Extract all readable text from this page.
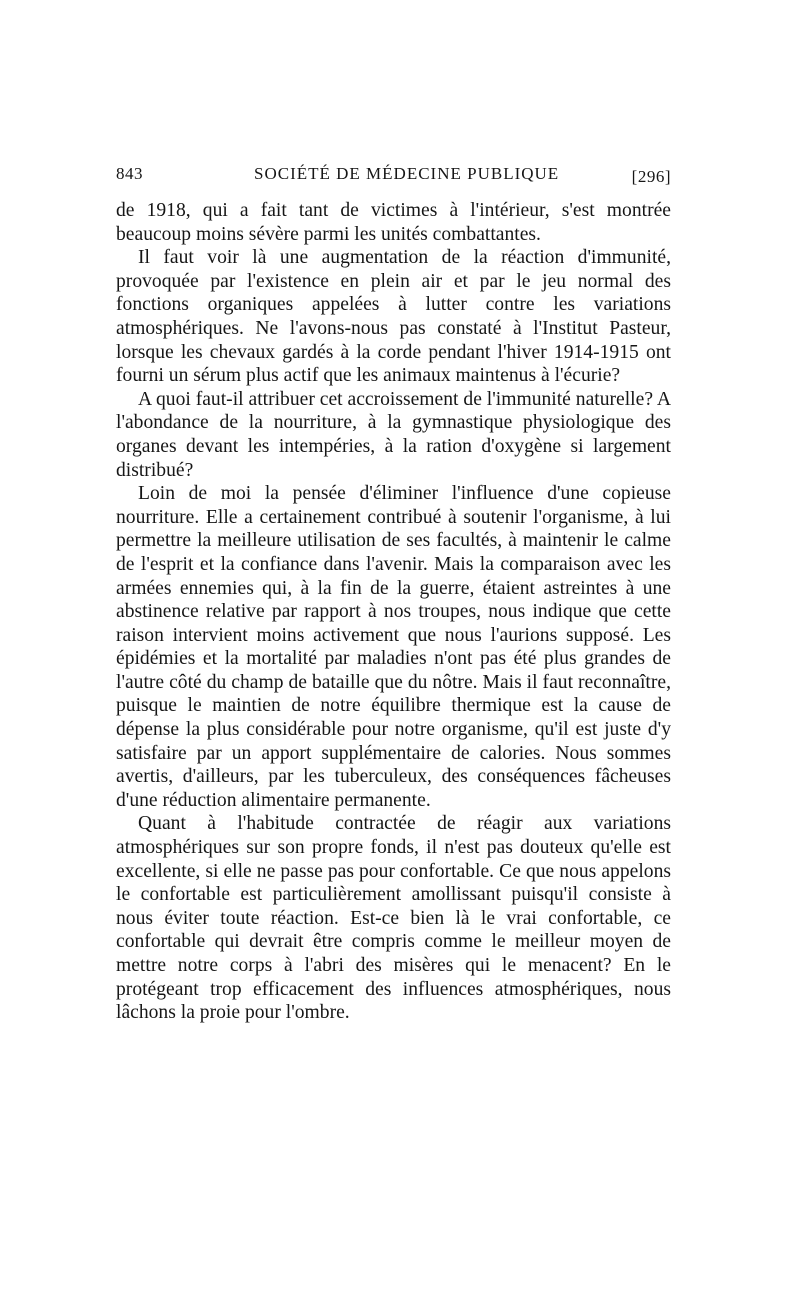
843	SOCIÉTÉ DE MÉDECINE PUBLIQUE	[296]

de 1918, qui a fait tant de victimes à l'intérieur, s'est montrée beaucoup moins sévère parmi les unités combattantes.

Il faut voir là une augmentation de la réaction d'immunité, provoquée par l'existence en plein air et par le jeu normal des fonctions organiques appelées à lutter contre les variations atmosphériques. Ne l'avons-nous pas constaté à l'Institut Pasteur, lorsque les chevaux gardés à la corde pendant l'hiver 1914-1915 ont fourni un sérum plus actif que les animaux maintenus à l'écurie?

A quoi faut-il attribuer cet accroissement de l'immunité naturelle? A l'abondance de la nourriture, à la gymnastique physiologique des organes devant les intempéries, à la ration d'oxygène si largement distribué?

Loin de moi la pensée d'éliminer l'influence d'une copieuse nourriture. Elle a certainement contribué à soutenir l'organisme, à lui permettre la meilleure utilisation de ses facultés, à maintenir le calme de l'esprit et la confiance dans l'avenir. Mais la comparaison avec les armées ennemies qui, à la fin de la guerre, étaient astreintes à une abstinence relative par rapport à nos troupes, nous indique que cette raison intervient moins activement que nous l'aurions supposé. Les épidémies et la mortalité par maladies n'ont pas été plus grandes de l'autre côté du champ de bataille que du nôtre. Mais il faut reconnaître, puisque le maintien de notre équilibre thermique est la cause de dépense la plus considérable pour notre organisme, qu'il est juste d'y satisfaire par un apport supplémentaire de calories. Nous sommes avertis, d'ailleurs, par les tuberculeux, des conséquences fâcheuses d'une réduction alimentaire permanente.

Quant à l'habitude contractée de réagir aux variations atmosphériques sur son propre fonds, il n'est pas douteux qu'elle est excellente, si elle ne passe pas pour confortable. Ce que nous appelons le confortable est particulièrement amollissant puisqu'il consiste à nous éviter toute réaction. Est-ce bien là le vrai confortable, ce confortable qui devrait être compris comme le meilleur moyen de mettre notre corps à l'abri des misères qui le menacent? En le protégeant trop efficacement des influences atmosphériques, nous lâchons la proie pour l'ombre.
